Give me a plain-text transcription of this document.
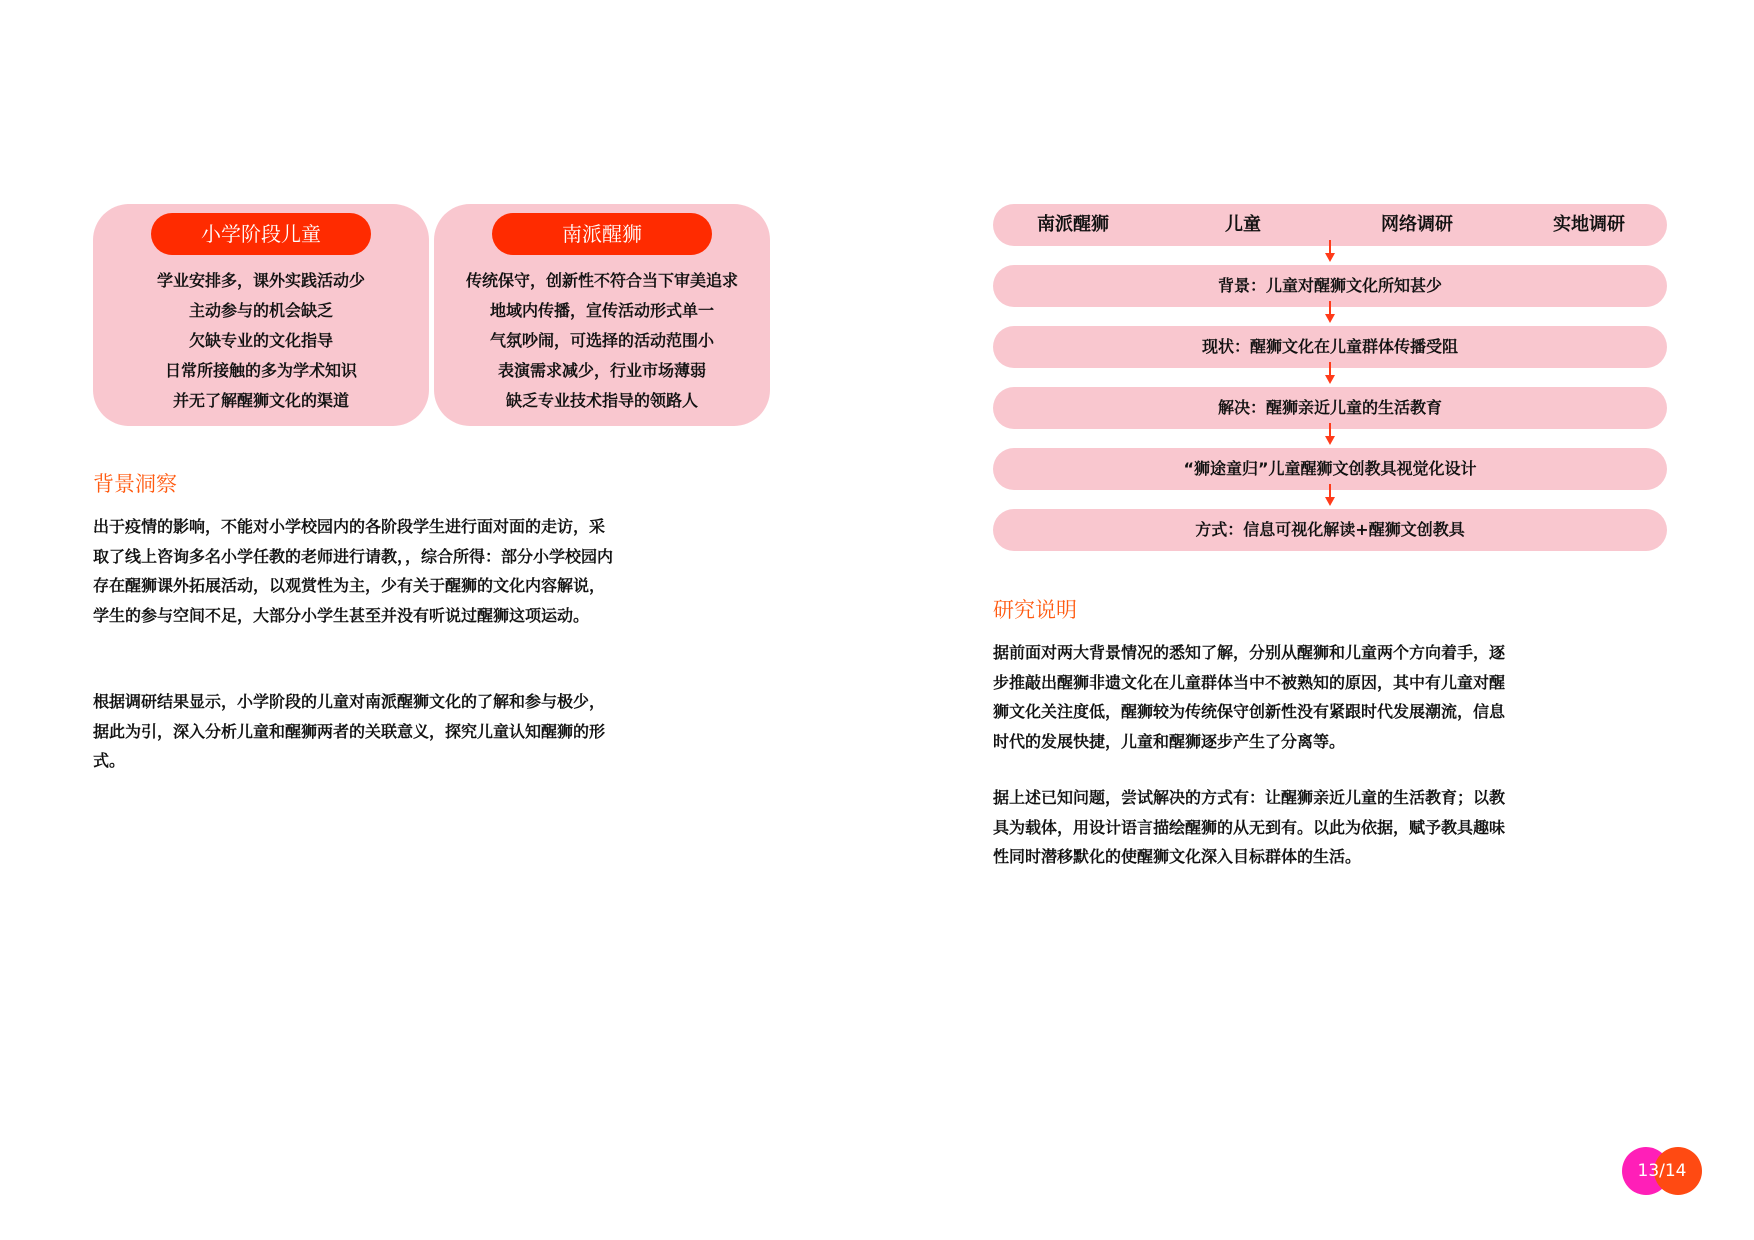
小学阶段儿童
学业安排多，课外实践活动少
主动参与的机会缺乏
欠缺专业的文化指导
日常所接触的多为学术知识
并无了解醒狮文化的渠道
南派醒狮
传统保守，创新性不符合当下审美追求
地域内传播，宣传活动形式单一
气氛吵闹，可选择的活动范围小
表演需求减少，行业市场薄弱
缺乏专业技术指导的领路人
背景洞察

出于疫情的影响，不能对小学校园内的各阶段学生进行面对面的走访，采取了线上咨询多名小学任教的老师进行请教，，综合所得：部分小学校园内存在醒狮课外拓展活动，以观赏性为主，少有关于醒狮的文化内容解说，学生的参与空间不足，大部分小学生甚至并没有听说过醒狮这项运动。

根据调研结果显示，小学阶段的儿童对南派醒狮文化的了解和参与极少，据此为引，深入分析儿童和醒狮两者的关联意义，探究儿童认知醒狮的形式。

南派醒狮	儿童	网络调研	实地调研
背景：儿童对醒狮文化所知甚少
现状：醒狮文化在儿童群体传播受阻
解决：醒狮亲近儿童的生活教育
“狮途童归”儿童醒狮文创教具视觉化设计
方式：信息可视化解读+醒狮文创教具
研究说明

据前面对两大背景情况的悉知了解，分别从醒狮和儿童两个方向着手，逐步推敲出醒狮非遗文化在儿童群体当中不被熟知的原因，其中有儿童对醒狮文化关注度低，醒狮较为传统保守创新性没有紧跟时代发展潮流，信息时代的发展快捷，儿童和醒狮逐步产生了分离等。

据上述已知问题，尝试解决的方式有：让醒狮亲近儿童的生活教育；以教具为载体，用设计语言描绘醒狮的从无到有。以此为依据，赋予教具趣味性同时潜移默化的使醒狮文化深入目标群体的生活。

13/14
